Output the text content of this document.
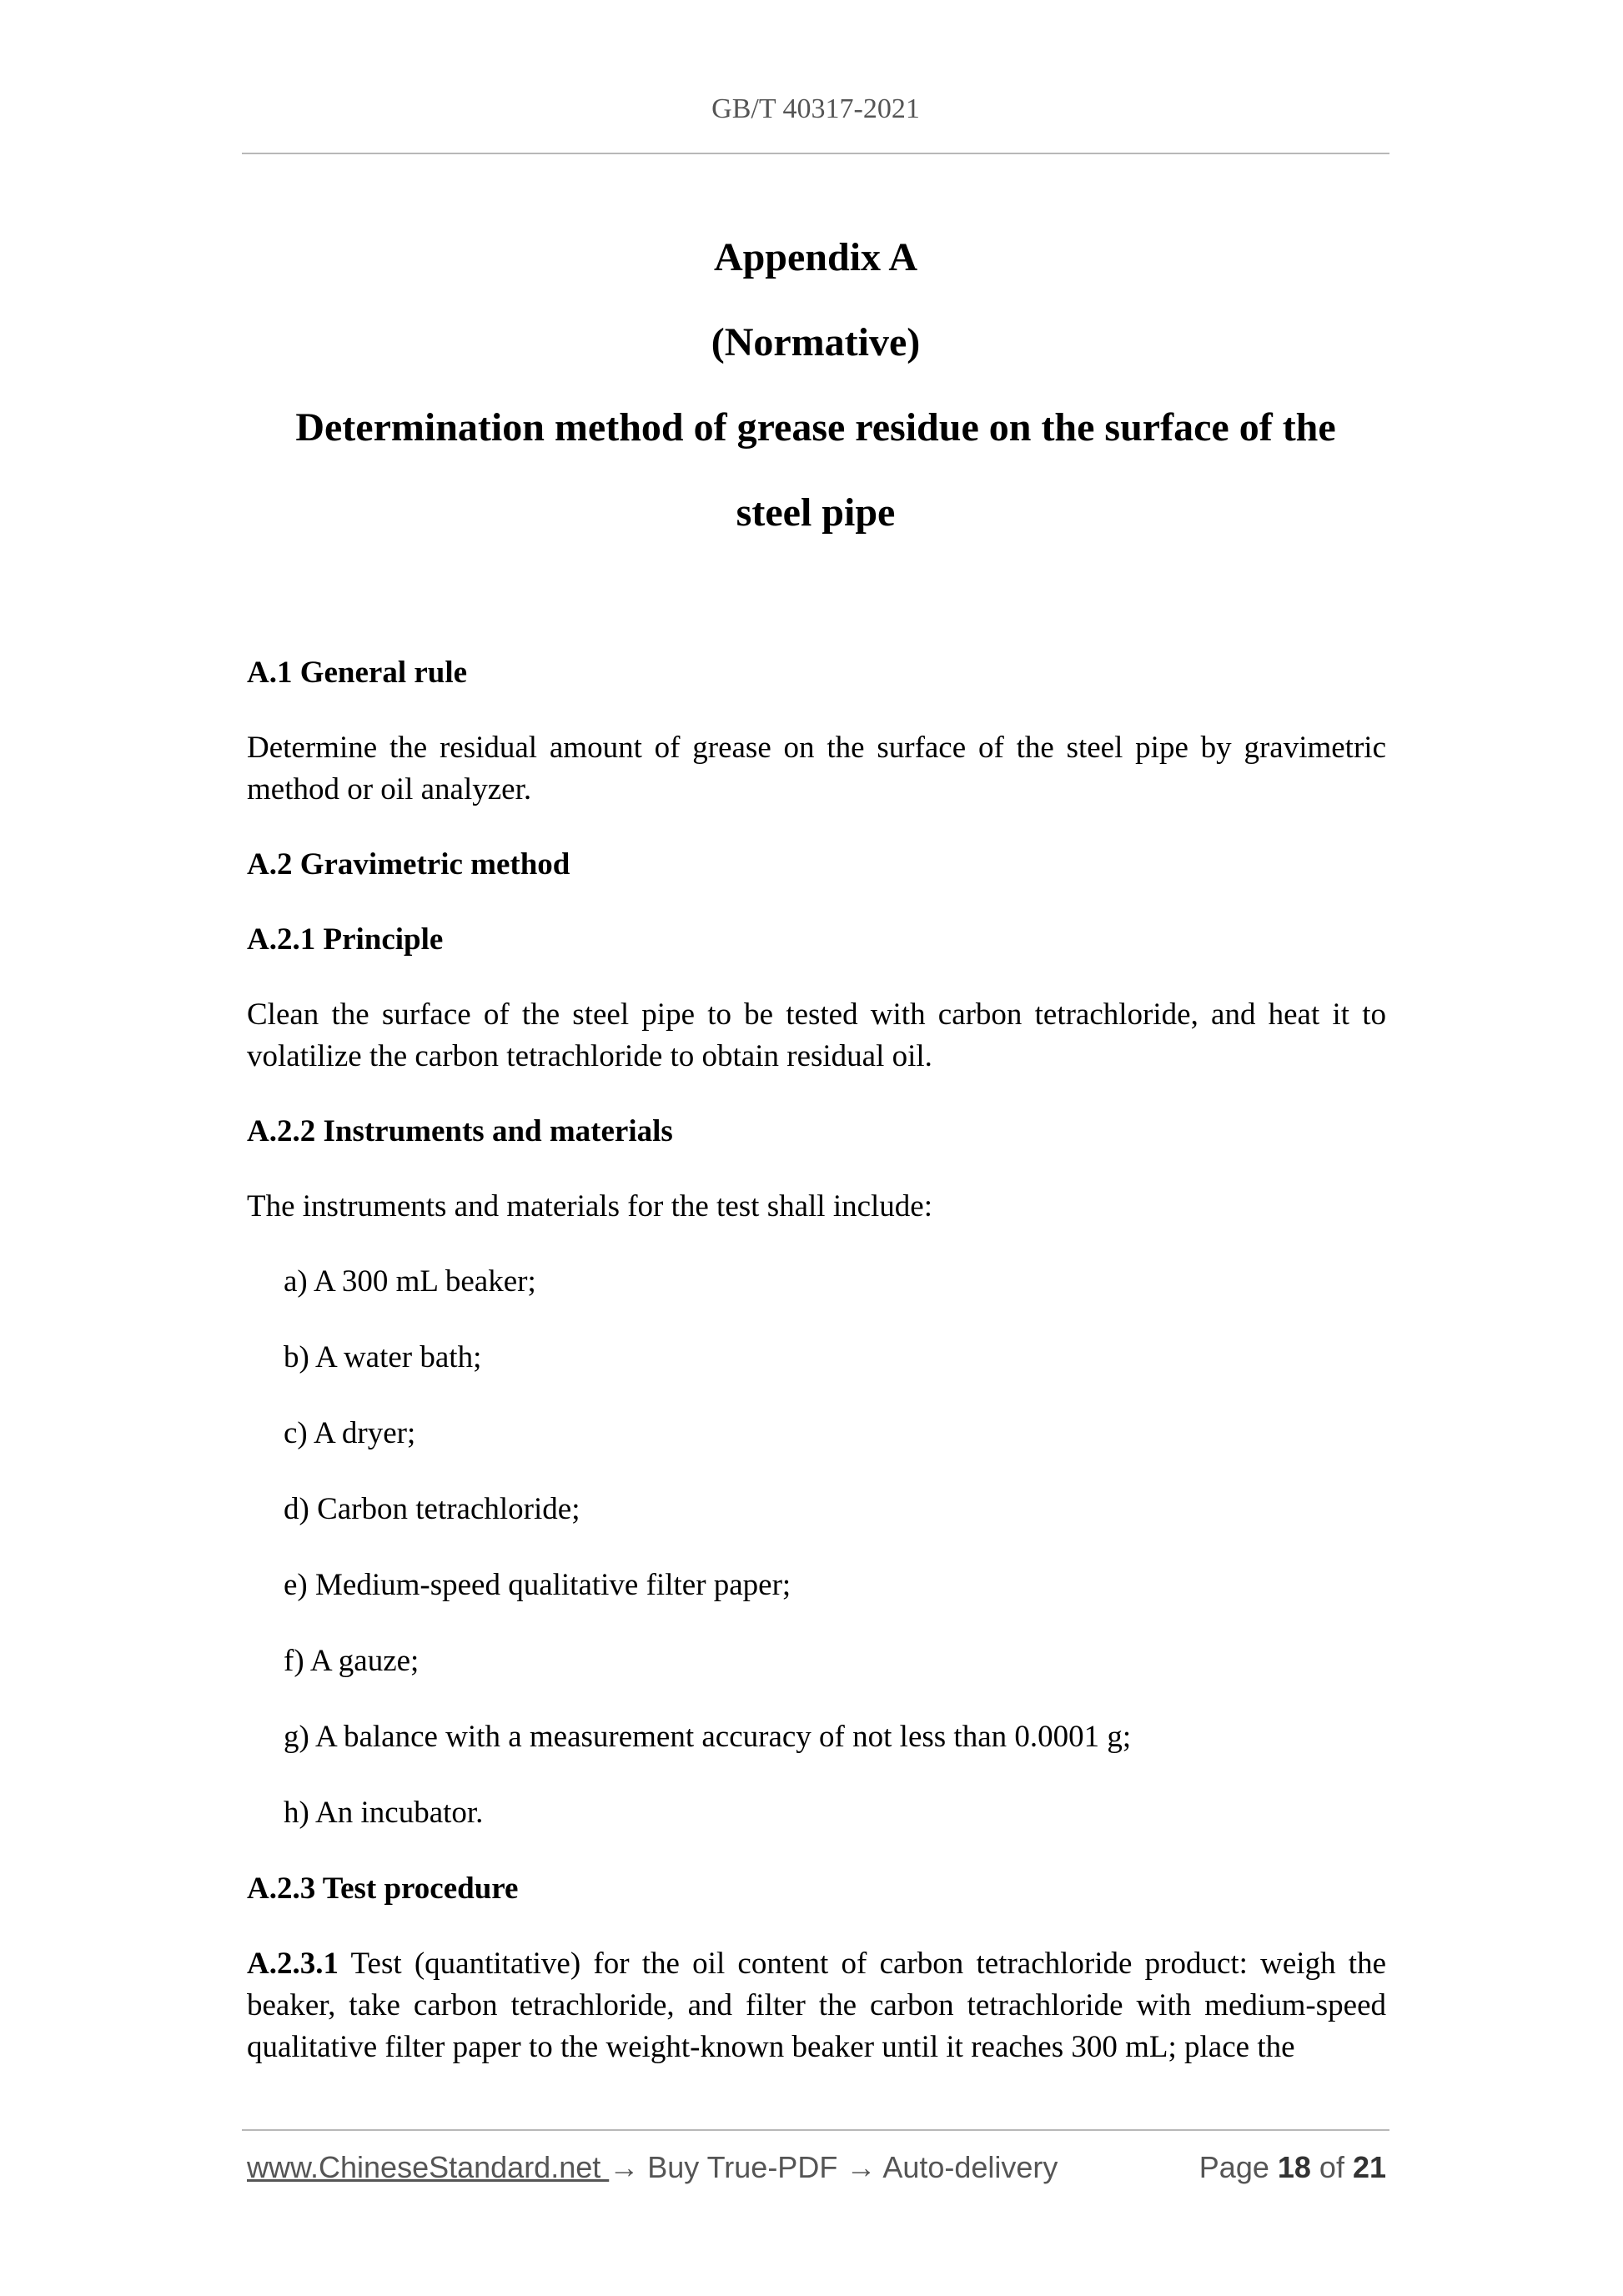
GB/T 40317-2021
Appendix A
(Normative)
Determination method of grease residue on the surface of the
steel pipe
A.1 General rule
Determine the residual amount of grease on the surface of the steel pipe by gravimetric method or oil analyzer.
A.2 Gravimetric method
A.2.1 Principle
Clean the surface of the steel pipe to be tested with carbon tetrachloride, and heat it to volatilize the carbon tetrachloride to obtain residual oil.
A.2.2 Instruments and materials
The instruments and materials for the test shall include:
a) A 300 mL beaker;
b) A water bath;
c) A dryer;
d) Carbon tetrachloride;
e) Medium-speed qualitative filter paper;
f) A gauze;
g) A balance with a measurement accuracy of not less than 0.0001 g;
h) An incubator.
A.2.3 Test procedure
A.2.3.1 Test (quantitative) for the oil content of carbon tetrachloride product: weigh the beaker, take carbon tetrachloride, and filter the carbon tetrachloride with medium-speed qualitative filter paper to the weight-known beaker until it reaches 300 mL; place the
www.ChineseStandard.net → Buy True-PDF → Auto-delivery	Page 18 of 21
